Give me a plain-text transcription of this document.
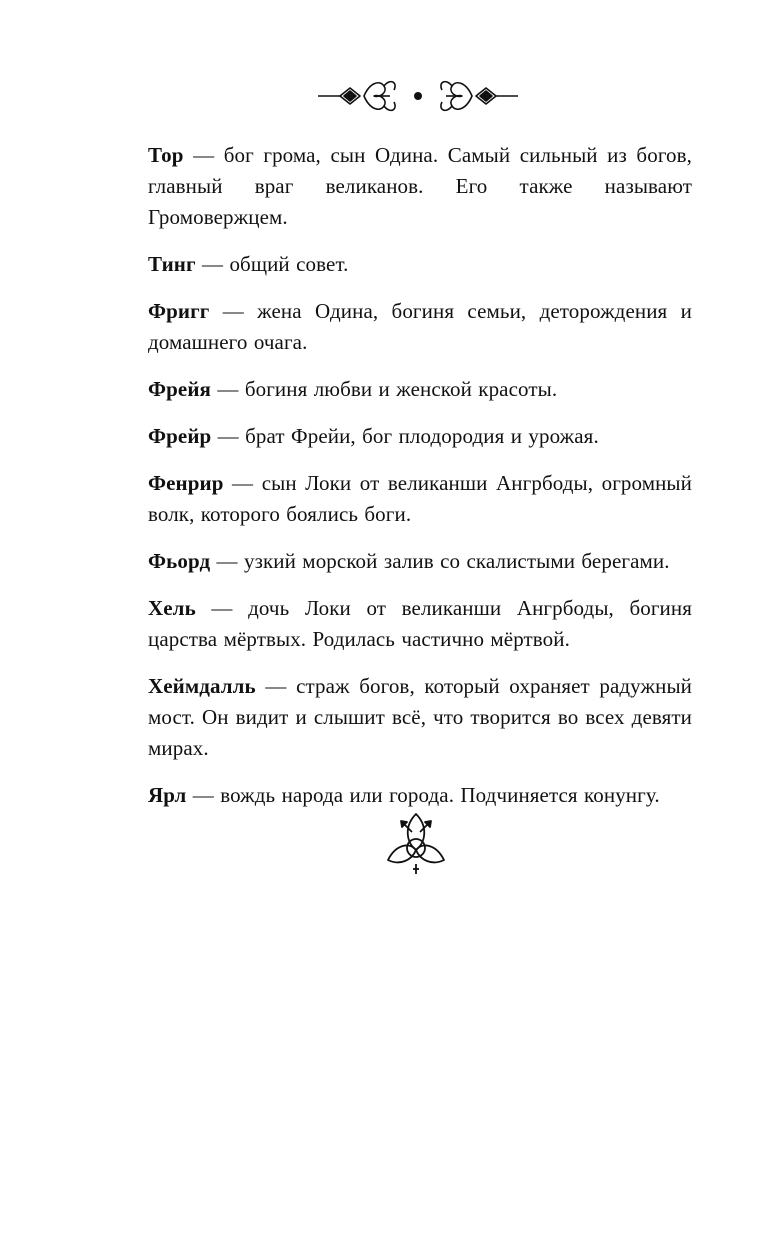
Тор — бог грома, сын Одина. Самый сильный из богов, главный враг великанов. Его также называют Громовержцем.

Тинг — общий совет.

Фригг — жена Одина, богиня семьи, деторождения и домашнего очага.

Фрейя — богиня любви и женской красоты.

Фрейр — брат Фрейи, бог плодородия и урожая.

Фенрир — сын Локи от великанши Ангрбоды, огромный волк, которого боялись боги.

Фьорд — узкий морской залив со скалистыми берегами.

Хель — дочь Локи от великанши Ангрбоды, богиня царства мёртвых. Родилась частично мёртвой.

Хеймдалль — страж богов, который охраняет радужный мост. Он видит и слышит всё, что творится во всех девяти мирах.

Ярл — вождь народа или города. Подчиняется конунгу.
